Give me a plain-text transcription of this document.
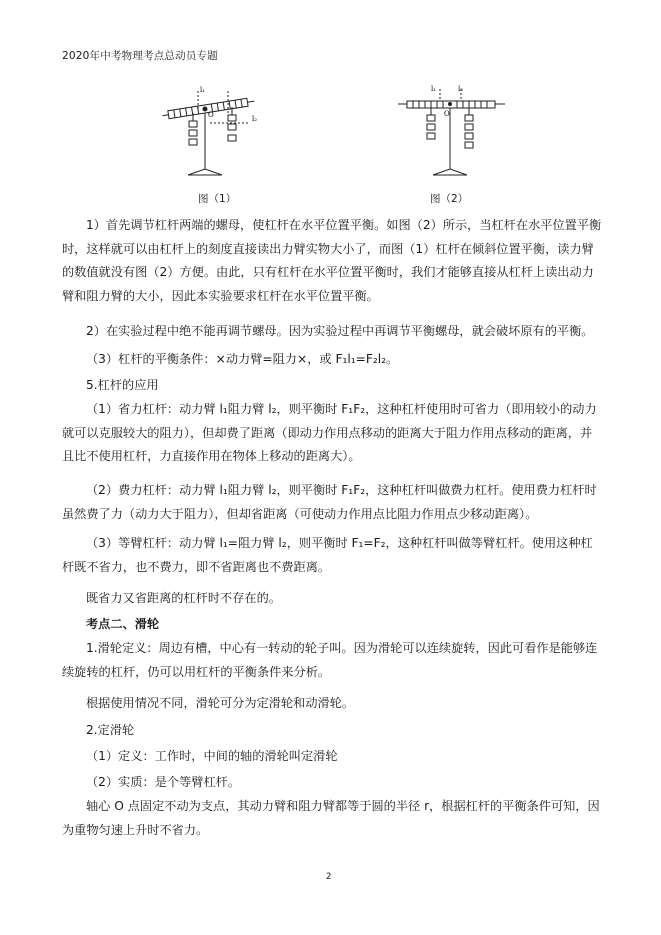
2020年中考物理考点总动员专题
l₁
O	l₂
图（1）
l₁	l₂
O
图（2）
1）首先调节杠杆两端的螺母，使杠杆在水平位置平衡。如图（2）所示，当杠杆在水平位置平衡时，这样就可以由杠杆上的刻度直接读出力臂实物大小了，而图（1）杠杆在倾斜位置平衡，读力臂的数值就没有图（2）方便。由此，只有杠杆在水平位置平衡时，我们才能够直接从杠杆上读出动力臂和阻力臂的大小，因此本实验要求杠杆在水平位置平衡。
2）在实验过程中绝不能再调节螺母。因为实验过程中再调节平衡螺母，就会破坏原有的平衡。
（3）杠杆的平衡条件：×动力臂=阻力×，或 F₁l₁=F₂l₂。
5.杠杆的应用
（1）省力杠杆：动力臂 l₁阻力臂 l₂，则平衡时 F₁F₂，这种杠杆使用时可省力（即用较小的动力就可以克服较大的阻力），但却费了距离（即动力作用点移动的距离大于阻力作用点移动的距离，并且比不使用杠杆，力直接作用在物体上移动的距离大）。
（2）费力杠杆：动力臂 l₁阻力臂 l₂，则平衡时 F₁F₂，这种杠杆叫做费力杠杆。使用费力杠杆时虽然费了力（动力大于阻力），但却省距离（可使动力作用点比阻力作用点少移动距离）。
（3）等臂杠杆：动力臂 l₁=阻力臂 l₂，则平衡时 F₁=F₂，这种杠杆叫做等臂杠杆。使用这种杠杆既不省力，也不费力，即不省距离也不费距离。
既省力又省距离的杠杆时不存在的。
考点二、滑轮
1.滑轮定义：周边有槽，中心有一转动的轮子叫。因为滑轮可以连续旋转，因此可看作是能够连续旋转的杠杆，仍可以用杠杆的平衡条件来分析。
根据使用情况不同，滑轮可分为定滑轮和动滑轮。
2.定滑轮
（1）定义：工作时，中间的轴的滑轮叫定滑轮
（2）实质：是个等臂杠杆。
轴心 O 点固定不动为支点，其动力臂和阻力臂都等于圆的半径 r，根据杠杆的平衡条件可知，因为重物匀速上升时不省力。
2
